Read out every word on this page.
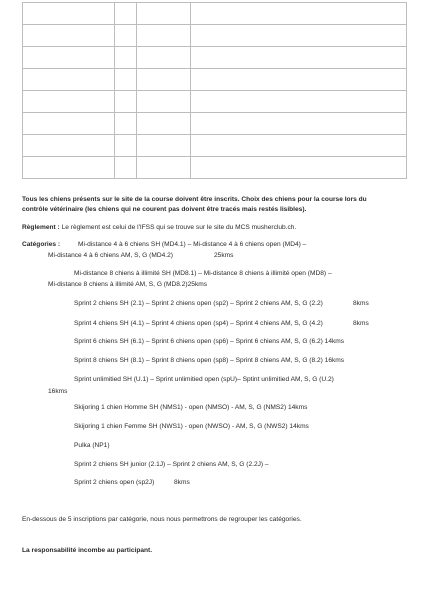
Tous les chiens présents sur le site de la course doivent être inscrits. Choix des chiens pour la course lors du
contrôle vétérinaire (les chiens qui ne courent pas doivent être tracés mais restés lisibles).
Règlement : Le règlement est celui de l'IFSS qui se trouve sur le site du MCS musherclub.ch.
Catégories :	Mi-distance 4 à 6 chiens SH (MD4.1) – Mi-distance 4 à 6 chiens open (MD4) –
Mi-distance 4 à 6 chiens AM, S, G (MD4.2)	25kms
Mi-distance 8 chiens à illimité SH (MD8.1) – Mi-distance 8 chiens à illimité open (MD8) –
Mi-distance 8 chiens à illimité AM, S, G (MD8.2)25kms
Sprint 2 chiens SH (2.1) – Sprint 2 chiens open (sp2) – Sprint 2 chiens AM, S, G (2.2)	8kms
Sprint 4 chiens SH (4.1) – Sprint 4 chiens open (sp4) – Sprint 4 chiens AM, S, G (4.2)	8kms
Sprint 6 chiens SH (6.1) – Sprint 6 chiens open (sp6) – Sprint 6 chiens AM, S, G (6.2) 14kms
Sprint 8 chiens SH (8.1) – Sprint 8 chiens open (sp8) – Sprint 8 chiens AM, S, G (8.2) 16kms
Sprint unlimitied SH (U.1) – Sprint unlimitied open (spU)– Sptint unlimitied AM, S, G (U.2)
16kms
Skijoring 1 chien Homme SH (NMS1) - open (NMSO) - AM, S, G (NMS2) 14kms
Skijoring 1 chien Femme SH (NWS1) - open (NWSO) - AM, S, G (NWS2) 14kms
Pulka (NP1)
Sprint 2 chiens SH junior (2.1J) – Sprint 2 chiens AM, S, G (2.2J) –
Sprint 2 chiens open (sp2J)	8kms
En-dessous de 5 inscriptions par catégorie, nous nous permettrons de regrouper les catégories.
La responsabilité incombe au participant.
